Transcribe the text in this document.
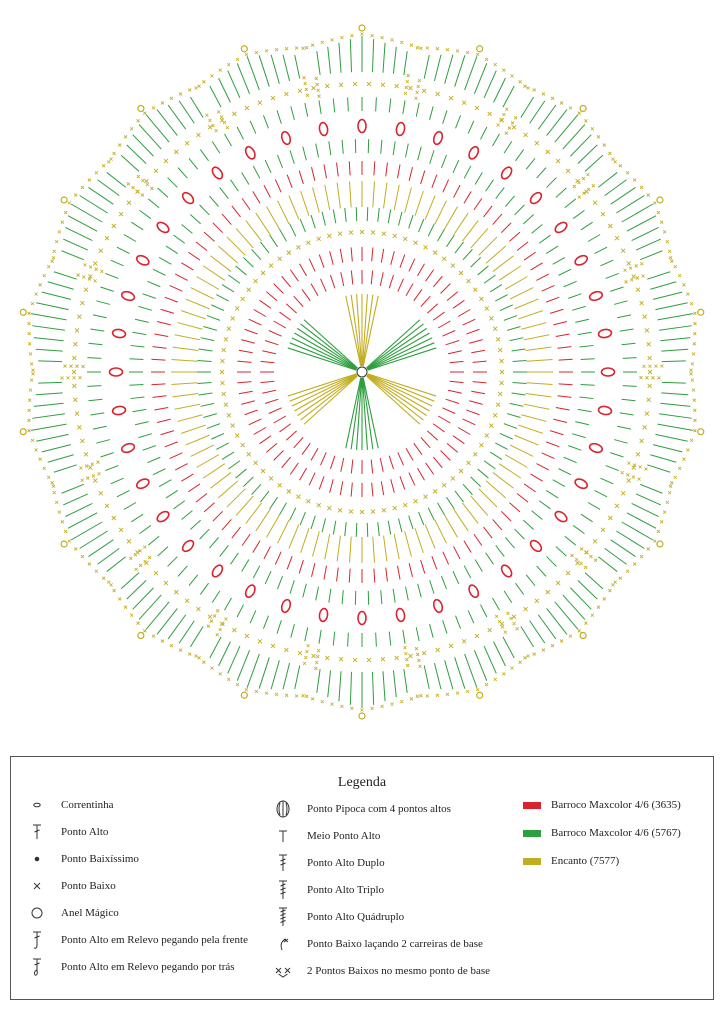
Legenda
Correntinha
Ponto Alto
Ponto Baixíssimo
Ponto Baixo
Anel Mágico
Ponto Alto em Relevo pegando pela frente
Ponto Alto em Relevo pegando por trás
Ponto Pipoca com 4 pontos altos
Meio Ponto Alto
Ponto Alto Duplo
Ponto Alto Triplo
Ponto Alto Quádruplo
Ponto Baixo laçando 2 carreiras de base
2 Pontos Baixos no mesmo ponto de base
Barroco Maxcolor 4/6 (3635)
Barroco Maxcolor 4/6 (5767)
Encanto (7577)
